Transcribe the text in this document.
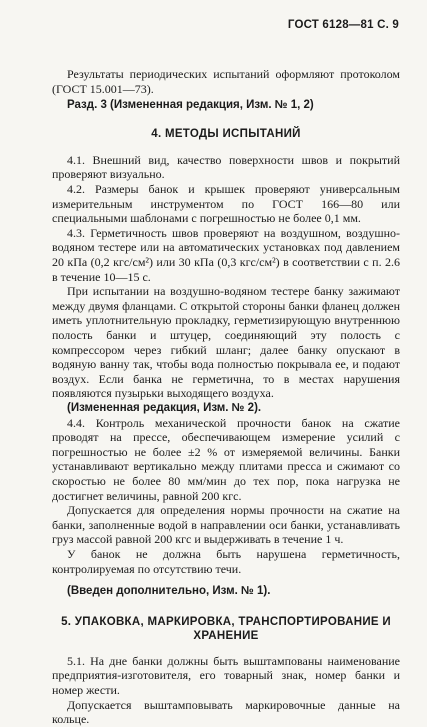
ГОСТ 6128—81 С. 9

Результаты периодических испытаний оформляют протоколом (ГОСТ 15.001—73).

Разд. 3 (Измененная редакция, Изм. № 1, 2)

4. МЕТОДЫ ИСПЫТАНИЙ

4.1. Внешний вид, качество поверхности швов и покрытий проверяют визуально.

4.2. Размеры банок и крышек проверяют универсальным измерительным инструментом по ГОСТ 166—80 или специальными шаблонами с погрешностью не более 0,1 мм.

4.3. Герметичность швов проверяют на воздушном, воздушно-водяном тестере или на автоматических установках под давлением 20 кПа (0,2 кгс/см²) или 30 кПа (0,3 кгс/см²) в соответствии с п. 2.6 в течение 10—15 с.

При испытании на воздушно-водяном тестере банку зажимают между двумя фланцами. С открытой стороны банки фланец должен иметь уплотнительную прокладку, герметизирующую внутреннюю полость банки и штуцер, соединяющий эту полость с компрессором через гибкий шланг; далее банку опускают в водяную ванну так, чтобы вода полностью покрывала ее, и подают воздух. Если банка не герметична, то в местах нарушения появляются пузырьки выходящего воздуха.

(Измененная редакция, Изм. № 2).

4.4. Контроль механической прочности банок на сжатие проводят на прессе, обеспечивающем измерение усилий с погрешностью не более ±2 % от измеряемой величины. Банки устанавливают вертикально между плитами пресса и сжимают со скоростью не более 80 мм/мин до тех пор, пока нагрузка не достигнет величины, равной 200 кгс.

Допускается для определения нормы прочности на сжатие на банки, заполненные водой в направлении оси банки, устанавливать груз массой равной 200 кгс и выдерживать в течение 1 ч.

У банок не должна быть нарушена герметичность, контролируемая по отсутствию течи.

(Введен дополнительно, Изм. № 1).

5. УПАКОВКА, МАРКИРОВКА, ТРАНСПОРТИРОВАНИЕ И ХРАНЕНИЕ

5.1. На дне банки должны быть выштампованы наименование предприятия-изготовителя, его товарный знак, номер банки и номер жести.

Допускается выштамповывать маркировочные данные на кольце.
